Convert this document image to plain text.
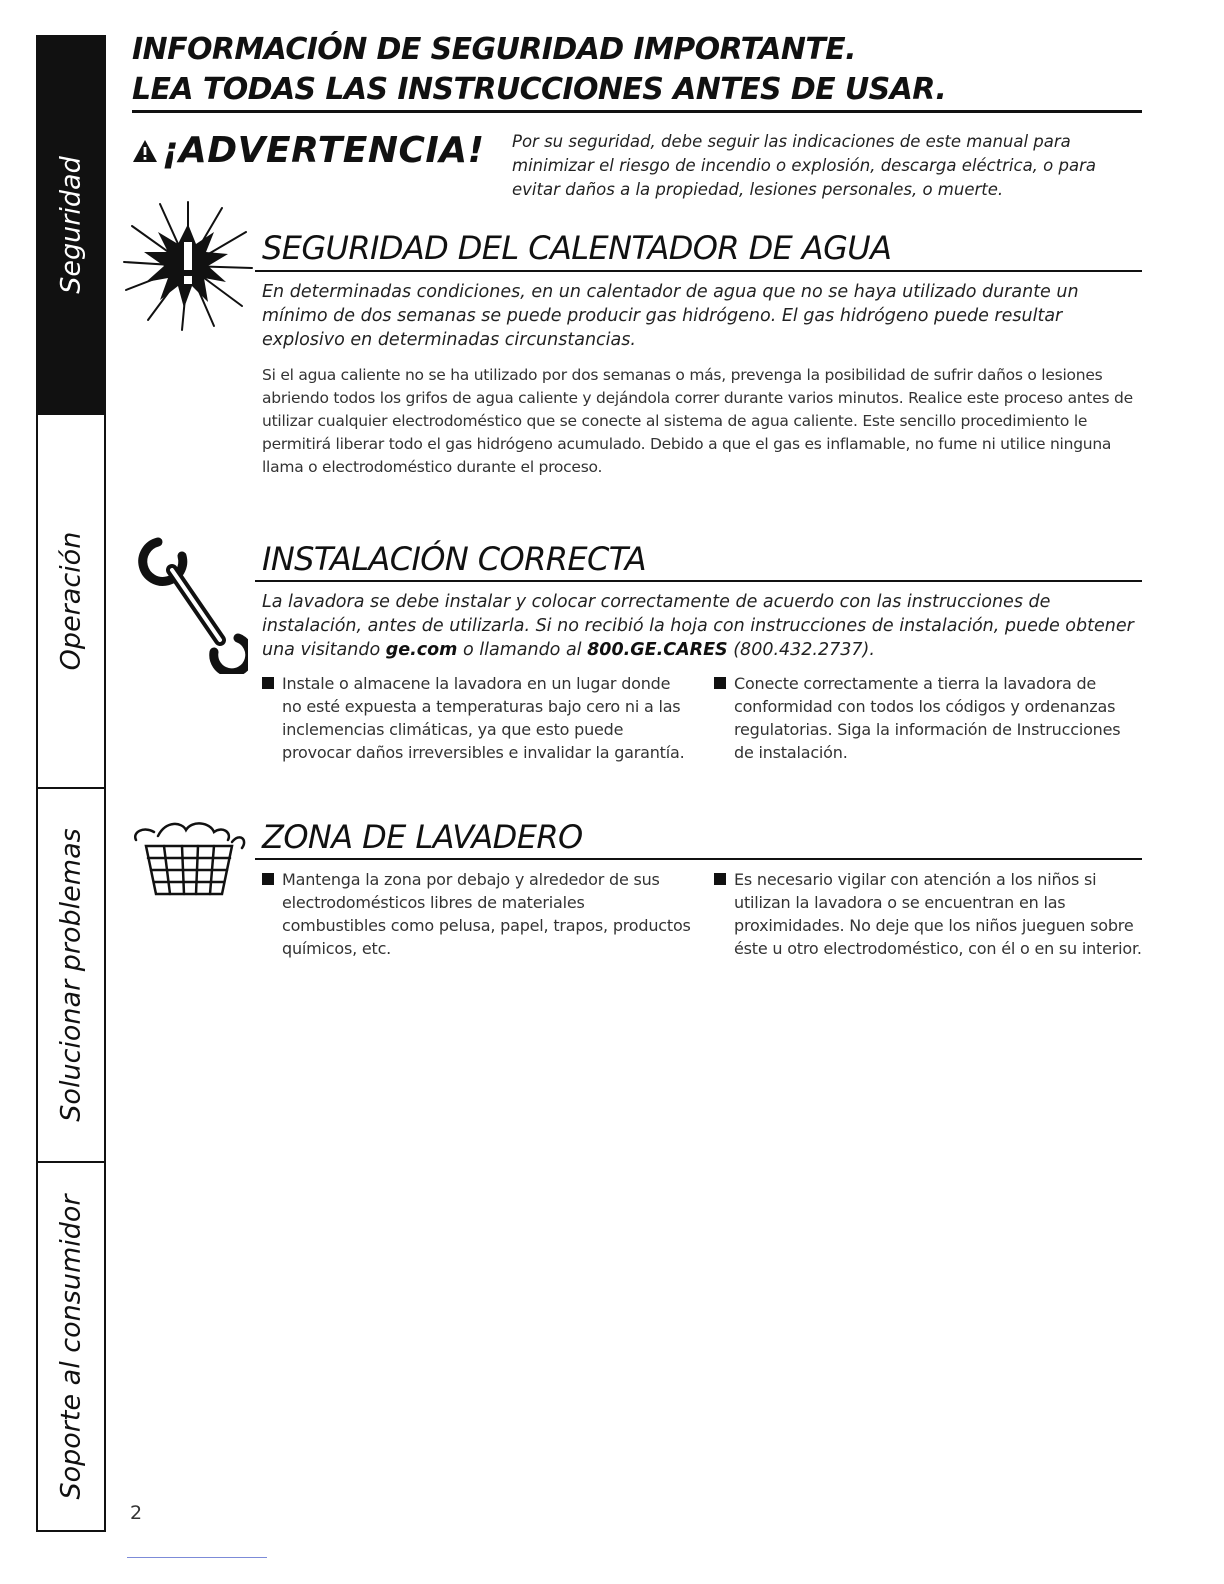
Seguridad
Operación
Solucionar problemas
Soporte al consumidor
INFORMACIÓN DE SEGURIDAD IMPORTANTE.
LEA TODAS LAS INSTRUCCIONES ANTES DE USAR.
¡ADVERTENCIA! Por su seguridad, debe seguir las indicaciones de este manual para minimizar el riesgo de incendio o explosión, descarga eléctrica, o para evitar daños a la propiedad, lesiones personales, o muerte.

SEGURIDAD DEL CALENTADOR DE AGUA

En determinadas condiciones, en un calentador de agua que no se haya utilizado durante un mínimo de dos semanas se puede producir gas hidrógeno. El gas hidrógeno puede resultar explosivo en determinadas circunstancias.

Si el agua caliente no se ha utilizado por dos semanas o más, prevenga la posibilidad de sufrir daños o lesiones abriendo todos los grifos de agua caliente y dejándola correr durante varios minutos. Realice este proceso antes de utilizar cualquier electrodoméstico que se conecte al sistema de agua caliente. Este sencillo procedimiento le permitirá liberar todo el gas hidrógeno acumulado. Debido a que el gas es inflamable, no fume ni utilice ninguna llama o electrodoméstico durante el proceso.

INSTALACIÓN CORRECTA

La lavadora se debe instalar y colocar correctamente de acuerdo con las instrucciones de instalación, antes de utilizarla. Si no recibió la hoja con instrucciones de instalación, puede obtener una visitando ge.com o llamando al 800.GE.CARES (800.432.2737).

Instale o almacene la lavadora en un lugar donde no esté expuesta a temperaturas bajo cero ni a las inclemencias climáticas, ya que esto puede provocar daños irreversibles e invalidar la garantía.

Conecte correctamente a tierra la lavadora de conformidad con todos los códigos y ordenanzas regulatorias. Siga la información de Instrucciones de instalación.

ZONA DE LAVADERO

Mantenga la zona por debajo y alrededor de sus electrodomésticos libres de materiales combustibles como pelusa, papel, trapos, productos químicos, etc.

Es necesario vigilar con atención a los niños si utilizan la lavadora o se encuentran en las proximidades. No deje que los niños jueguen sobre éste u otro electrodoméstico, con él o en su interior.

2
